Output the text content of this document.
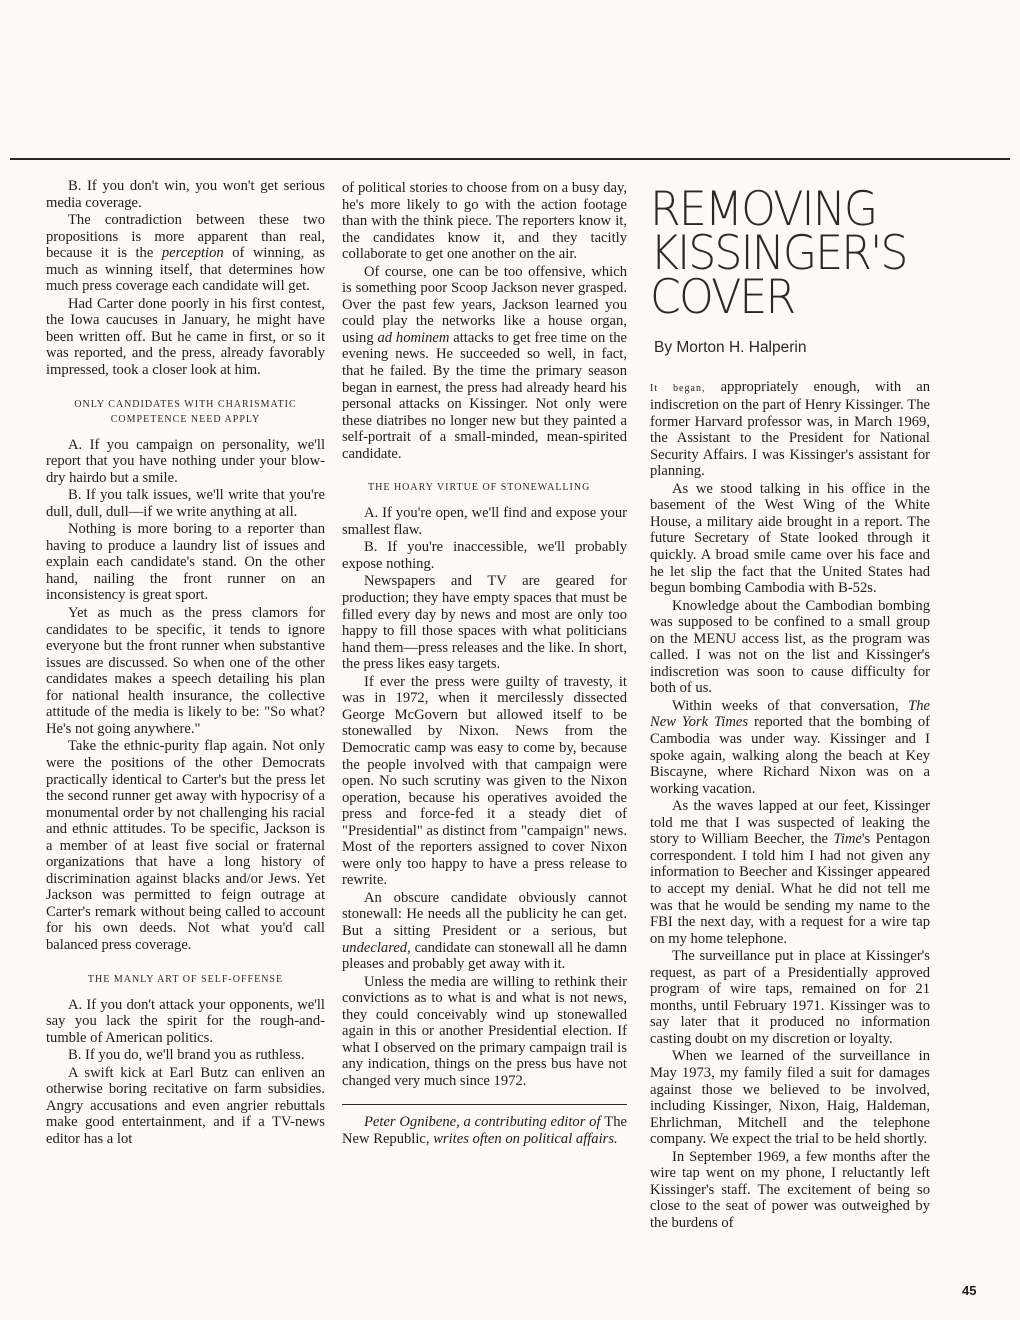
B. If you don't win, you won't get serious media coverage.

The contradiction between these two propositions is more apparent than real, because it is the perception of winning, as much as winning itself, that determines how much press coverage each candidate will get.

Had Carter done poorly in his first contest, the Iowa caucuses in January, he might have been written off. But he came in first, or so it was reported, and the press, already favorably impressed, took a closer look at him.

ONLY CANDIDATES WITH CHARISMATIC COMPETENCE NEED APPLY

A. If you campaign on personality, we'll report that you have nothing under your blow-dry hairdo but a smile.

B. If you talk issues, we'll write that you're dull, dull, dull—if we write anything at all.

Nothing is more boring to a reporter than having to produce a laundry list of issues and explain each candidate's stand. On the other hand, nailing the front runner on an inconsistency is great sport.

Yet as much as the press clamors for candidates to be specific, it tends to ignore everyone but the front runner when substantive issues are discussed. So when one of the other candidates makes a speech detailing his plan for national health insurance, the collective attitude of the media is likely to be: "So what? He's not going anywhere."

Take the ethnic-purity flap again. Not only were the positions of the other Democrats practically identical to Carter's but the press let the second runner get away with hypocrisy of a monumental order by not challenging his racial and ethnic attitudes. To be specific, Jackson is a member of at least five social or fraternal organizations that have a long history of discrimination against blacks and/or Jews. Yet Jackson was permitted to feign outrage at Carter's remark without being called to account for his own deeds. Not what you'd call balanced press coverage.

THE MANLY ART OF SELF-OFFENSE

A. If you don't attack your opponents, we'll say you lack the spirit for the rough-and-tumble of American politics.

B. If you do, we'll brand you as ruthless.

A swift kick at Earl Butz can enliven an otherwise boring recitative on farm subsidies. Angry accusations and even angrier rebuttals make good entertainment, and if a TV-news editor has a lot

of political stories to choose from on a busy day, he's more likely to go with the action footage than with the think piece. The reporters know it, the candidates know it, and they tacitly collaborate to get one another on the air.

Of course, one can be too offensive, which is something poor Scoop Jackson never grasped. Over the past few years, Jackson learned you could play the networks like a house organ, using ad hominem attacks to get free time on the evening news. He succeeded so well, in fact, that he failed. By the time the primary season began in earnest, the press had already heard his personal attacks on Kissinger. Not only were these diatribes no longer new but they painted a self-portrait of a small-minded, mean-spirited candidate.

THE HOARY VIRTUE OF STONEWALLING

A. If you're open, we'll find and expose your smallest flaw.

B. If you're inaccessible, we'll probably expose nothing.

Newspapers and TV are geared for production; they have empty spaces that must be filled every day by news and most are only too happy to fill those spaces with what politicians hand them—press releases and the like. In short, the press likes easy targets.

If ever the press were guilty of travesty, it was in 1972, when it mercilessly dissected George McGovern but allowed itself to be stonewalled by Nixon. News from the Democratic camp was easy to come by, because the people involved with that campaign were open. No such scrutiny was given to the Nixon operation, because his operatives avoided the press and force-fed it a steady diet of "Presidential" as distinct from "campaign" news. Most of the reporters assigned to cover Nixon were only too happy to have a press release to rewrite.

An obscure candidate obviously cannot stonewall: He needs all the publicity he can get. But a sitting President or a serious, but undeclared, candidate can stonewall all he damn pleases and probably get away with it.

Unless the media are willing to rethink their convictions as to what is and what is not news, they could conceivably wind up stonewalled again in this or another Presidential election. If what I observed on the primary campaign trail is any indication, things on the press bus have not changed very much since 1972.

Peter Ognibene, a contributing editor of The New Republic, writes often on political affairs.

REMOVING
KISSINGER'S
COVER
By Morton H. Halperin

It began, appropriately enough, with an indiscretion on the part of Henry Kissinger. The former Harvard professor was, in March 1969, the Assistant to the President for National Security Affairs. I was Kissinger's assistant for planning.

As we stood talking in his office in the basement of the West Wing of the White House, a military aide brought in a report. The future Secretary of State looked through it quickly. A broad smile came over his face and he let slip the fact that the United States had begun bombing Cambodia with B-52s.

Knowledge about the Cambodian bombing was supposed to be confined to a small group on the MENU access list, as the program was called. I was not on the list and Kissinger's indiscretion was soon to cause difficulty for both of us.

Within weeks of that conversation, The New York Times reported that the bombing of Cambodia was under way. Kissinger and I spoke again, walking along the beach at Key Biscayne, where Richard Nixon was on a working vacation.

As the waves lapped at our feet, Kissinger told me that I was suspected of leaking the story to William Beecher, the Time's Pentagon correspondent. I told him I had not given any information to Beecher and Kissinger appeared to accept my denial. What he did not tell me was that he would be sending my name to the FBI the next day, with a request for a wire tap on my home telephone.

The surveillance put in place at Kissinger's request, as part of a Presidentially approved program of wire taps, remained on for 21 months, until February 1971. Kissinger was to say later that it produced no information casting doubt on my discretion or loyalty.

When we learned of the surveillance in May 1973, my family filed a suit for damages against those we believed to be involved, including Kissinger, Nixon, Haig, Haldeman, Ehrlichman, Mitchell and the telephone company. We expect the trial to be held shortly.

In September 1969, a few months after the wire tap went on my phone, I reluctantly left Kissinger's staff. The excitement of being so close to the seat of power was outweighed by the burdens of

45
